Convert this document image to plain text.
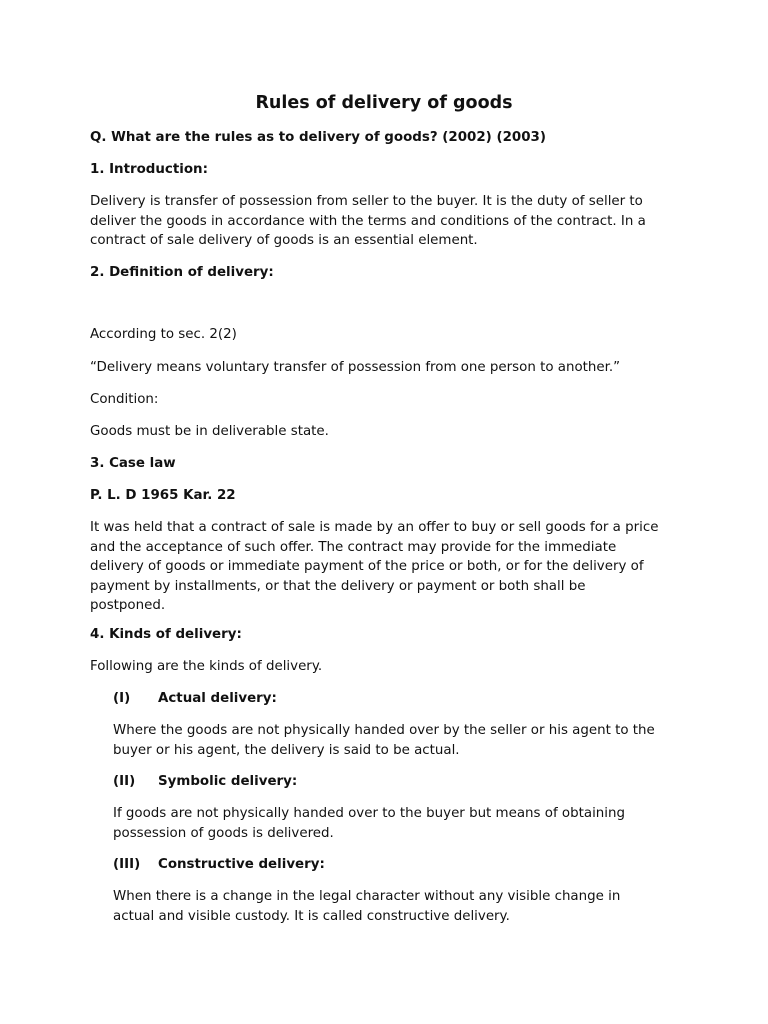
Rules of delivery of goods
Q. What are the rules as to delivery of goods? (2002) (2003)
1. Introduction:
Delivery is transfer of possession from seller to the buyer. It is the duty of seller to
deliver the goods in accordance with the terms and conditions of the contract. In a
contract of sale delivery of goods is an essential element.
2. Definition of delivery:
According to sec. 2(2)
“Delivery means voluntary transfer of possession from one person to another.”
Condition:
Goods must be in deliverable state.
3. Case law
P. L. D 1965 Kar. 22
It was held that a contract of sale is made by an offer to buy or sell goods for a price
and the acceptance of such offer. The contract may provide for the immediate
delivery of goods or immediate payment of the price or both, or for the delivery of
payment by installments, or that the delivery or payment or both shall be
postponed.
4. Kinds of delivery:
Following are the kinds of delivery.
(I) Actual delivery:
Where the goods are not physically handed over by the seller or his agent to the
buyer or his agent, the delivery is said to be actual.
(II) Symbolic delivery:
If goods are not physically handed over to the buyer but means of obtaining
possession of goods is delivered.
(III) Constructive delivery:
When there is a change in the legal character without any visible change in
actual and visible custody. It is called constructive delivery.
